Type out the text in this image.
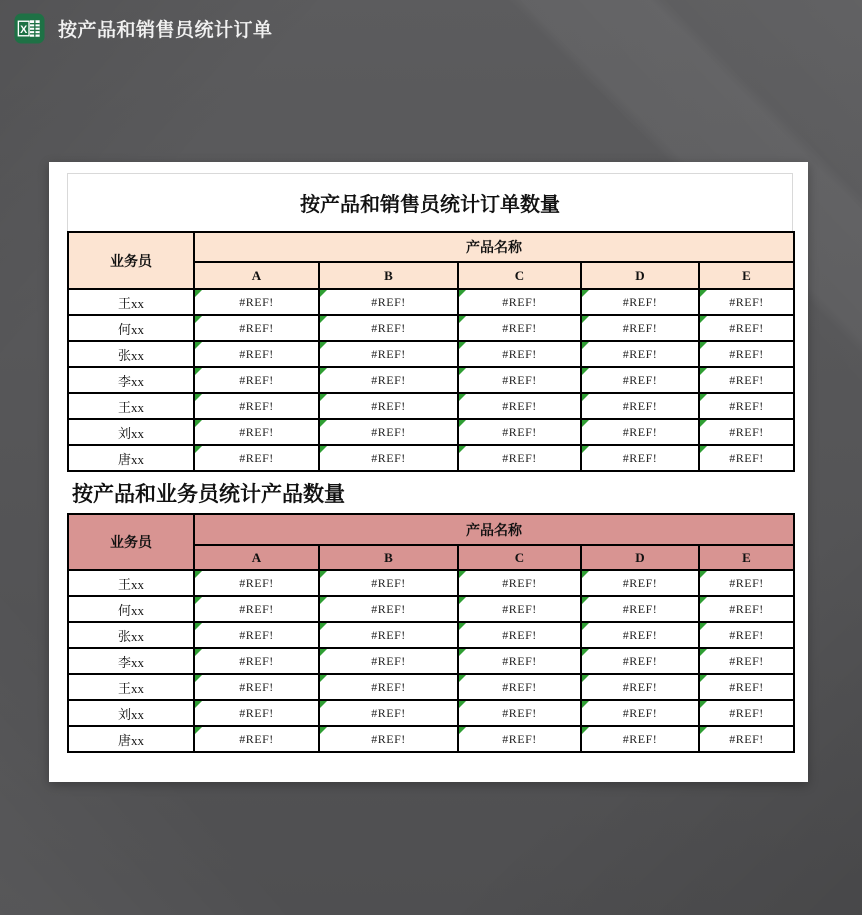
X 按产品和销售员统计订单
按产品和销售员统计订单数量
业务员	产品名称				
	A	B	C	D	E
王xx	#REF!	#REF!	#REF!	#REF!	#REF!
何xx	#REF!	#REF!	#REF!	#REF!	#REF!
张xx	#REF!	#REF!	#REF!	#REF!	#REF!
李xx	#REF!	#REF!	#REF!	#REF!	#REF!
王xx	#REF!	#REF!	#REF!	#REF!	#REF!
刘xx	#REF!	#REF!	#REF!	#REF!	#REF!
唐xx	#REF!	#REF!	#REF!	#REF!	#REF!
按产品和业务员统计产品数量
业务员	产品名称				
	A	B	C	D	E
王xx	#REF!	#REF!	#REF!	#REF!	#REF!
何xx	#REF!	#REF!	#REF!	#REF!	#REF!
张xx	#REF!	#REF!	#REF!	#REF!	#REF!
李xx	#REF!	#REF!	#REF!	#REF!	#REF!
王xx	#REF!	#REF!	#REF!	#REF!	#REF!
刘xx	#REF!	#REF!	#REF!	#REF!	#REF!
唐xx	#REF!	#REF!	#REF!	#REF!	#REF!
